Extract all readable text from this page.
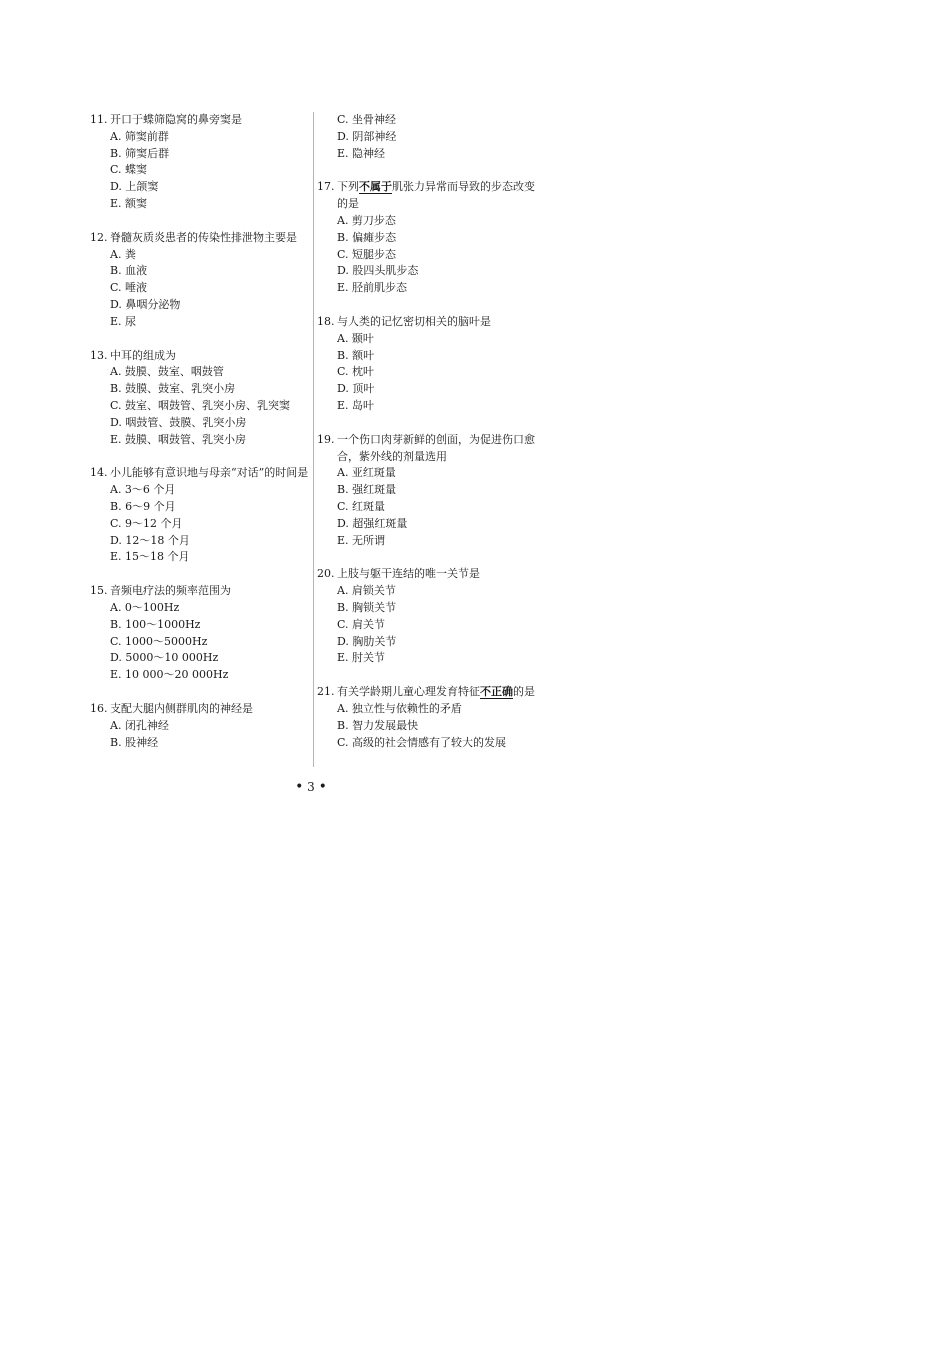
11. 开口于蝶筛隐窝的鼻旁窦是
A. 筛窦前群
B. 筛窦后群
C. 蝶窦
D. 上颌窦
E. 额窦
12. 脊髓灰质炎患者的传染性排泄物主要是
A. 粪
B. 血液
C. 唾液
D. 鼻咽分泌物
E. 尿
13. 中耳的组成为
A. 鼓膜、鼓室、咽鼓管
B. 鼓膜、鼓室、乳突小房
C. 鼓室、咽鼓管、乳突小房、乳突窦
D. 咽鼓管、鼓膜、乳突小房
E. 鼓膜、咽鼓管、乳突小房
14. 小儿能够有意识地与母亲“对话”的时间是
A. 3～6 个月
B. 6～9 个月
C. 9～12 个月
D. 12～18 个月
E. 15～18 个月
15. 音频电疗法的频率范围为
A. 0～100Hz
B. 100～1000Hz
C. 1000～5000Hz
D. 5000～10 000Hz
E. 10 000～20 000Hz
16. 支配大腿内侧群肌肉的神经是
A. 闭孔神经
B. 股神经
C. 坐骨神经
D. 阴部神经
E. 隐神经
17. 下列不属于肌张力异常而导致的步态改变的是
A. 剪刀步态
B. 偏瘫步态
C. 短腿步态
D. 股四头肌步态
E. 胫前肌步态
18. 与人类的记忆密切相关的脑叶是
A. 颞叶
B. 额叶
C. 枕叶
D. 顶叶
E. 岛叶
19. 一个伤口肉芽新鲜的创面，为促进伤口愈合，紫外线的剂量选用
A. 亚红斑量
B. 强红斑量
C. 红斑量
D. 超强红斑量
E. 无所谓
20. 上肢与躯干连结的唯一关节是
A. 肩锁关节
B. 胸锁关节
C. 肩关节
D. 胸肋关节
E. 肘关节
21. 有关学龄期儿童心理发育特征不正确的是
A. 独立性与依赖性的矛盾
B. 智力发展最快
C. 高级的社会情感有了较大的发展
• 3 •
